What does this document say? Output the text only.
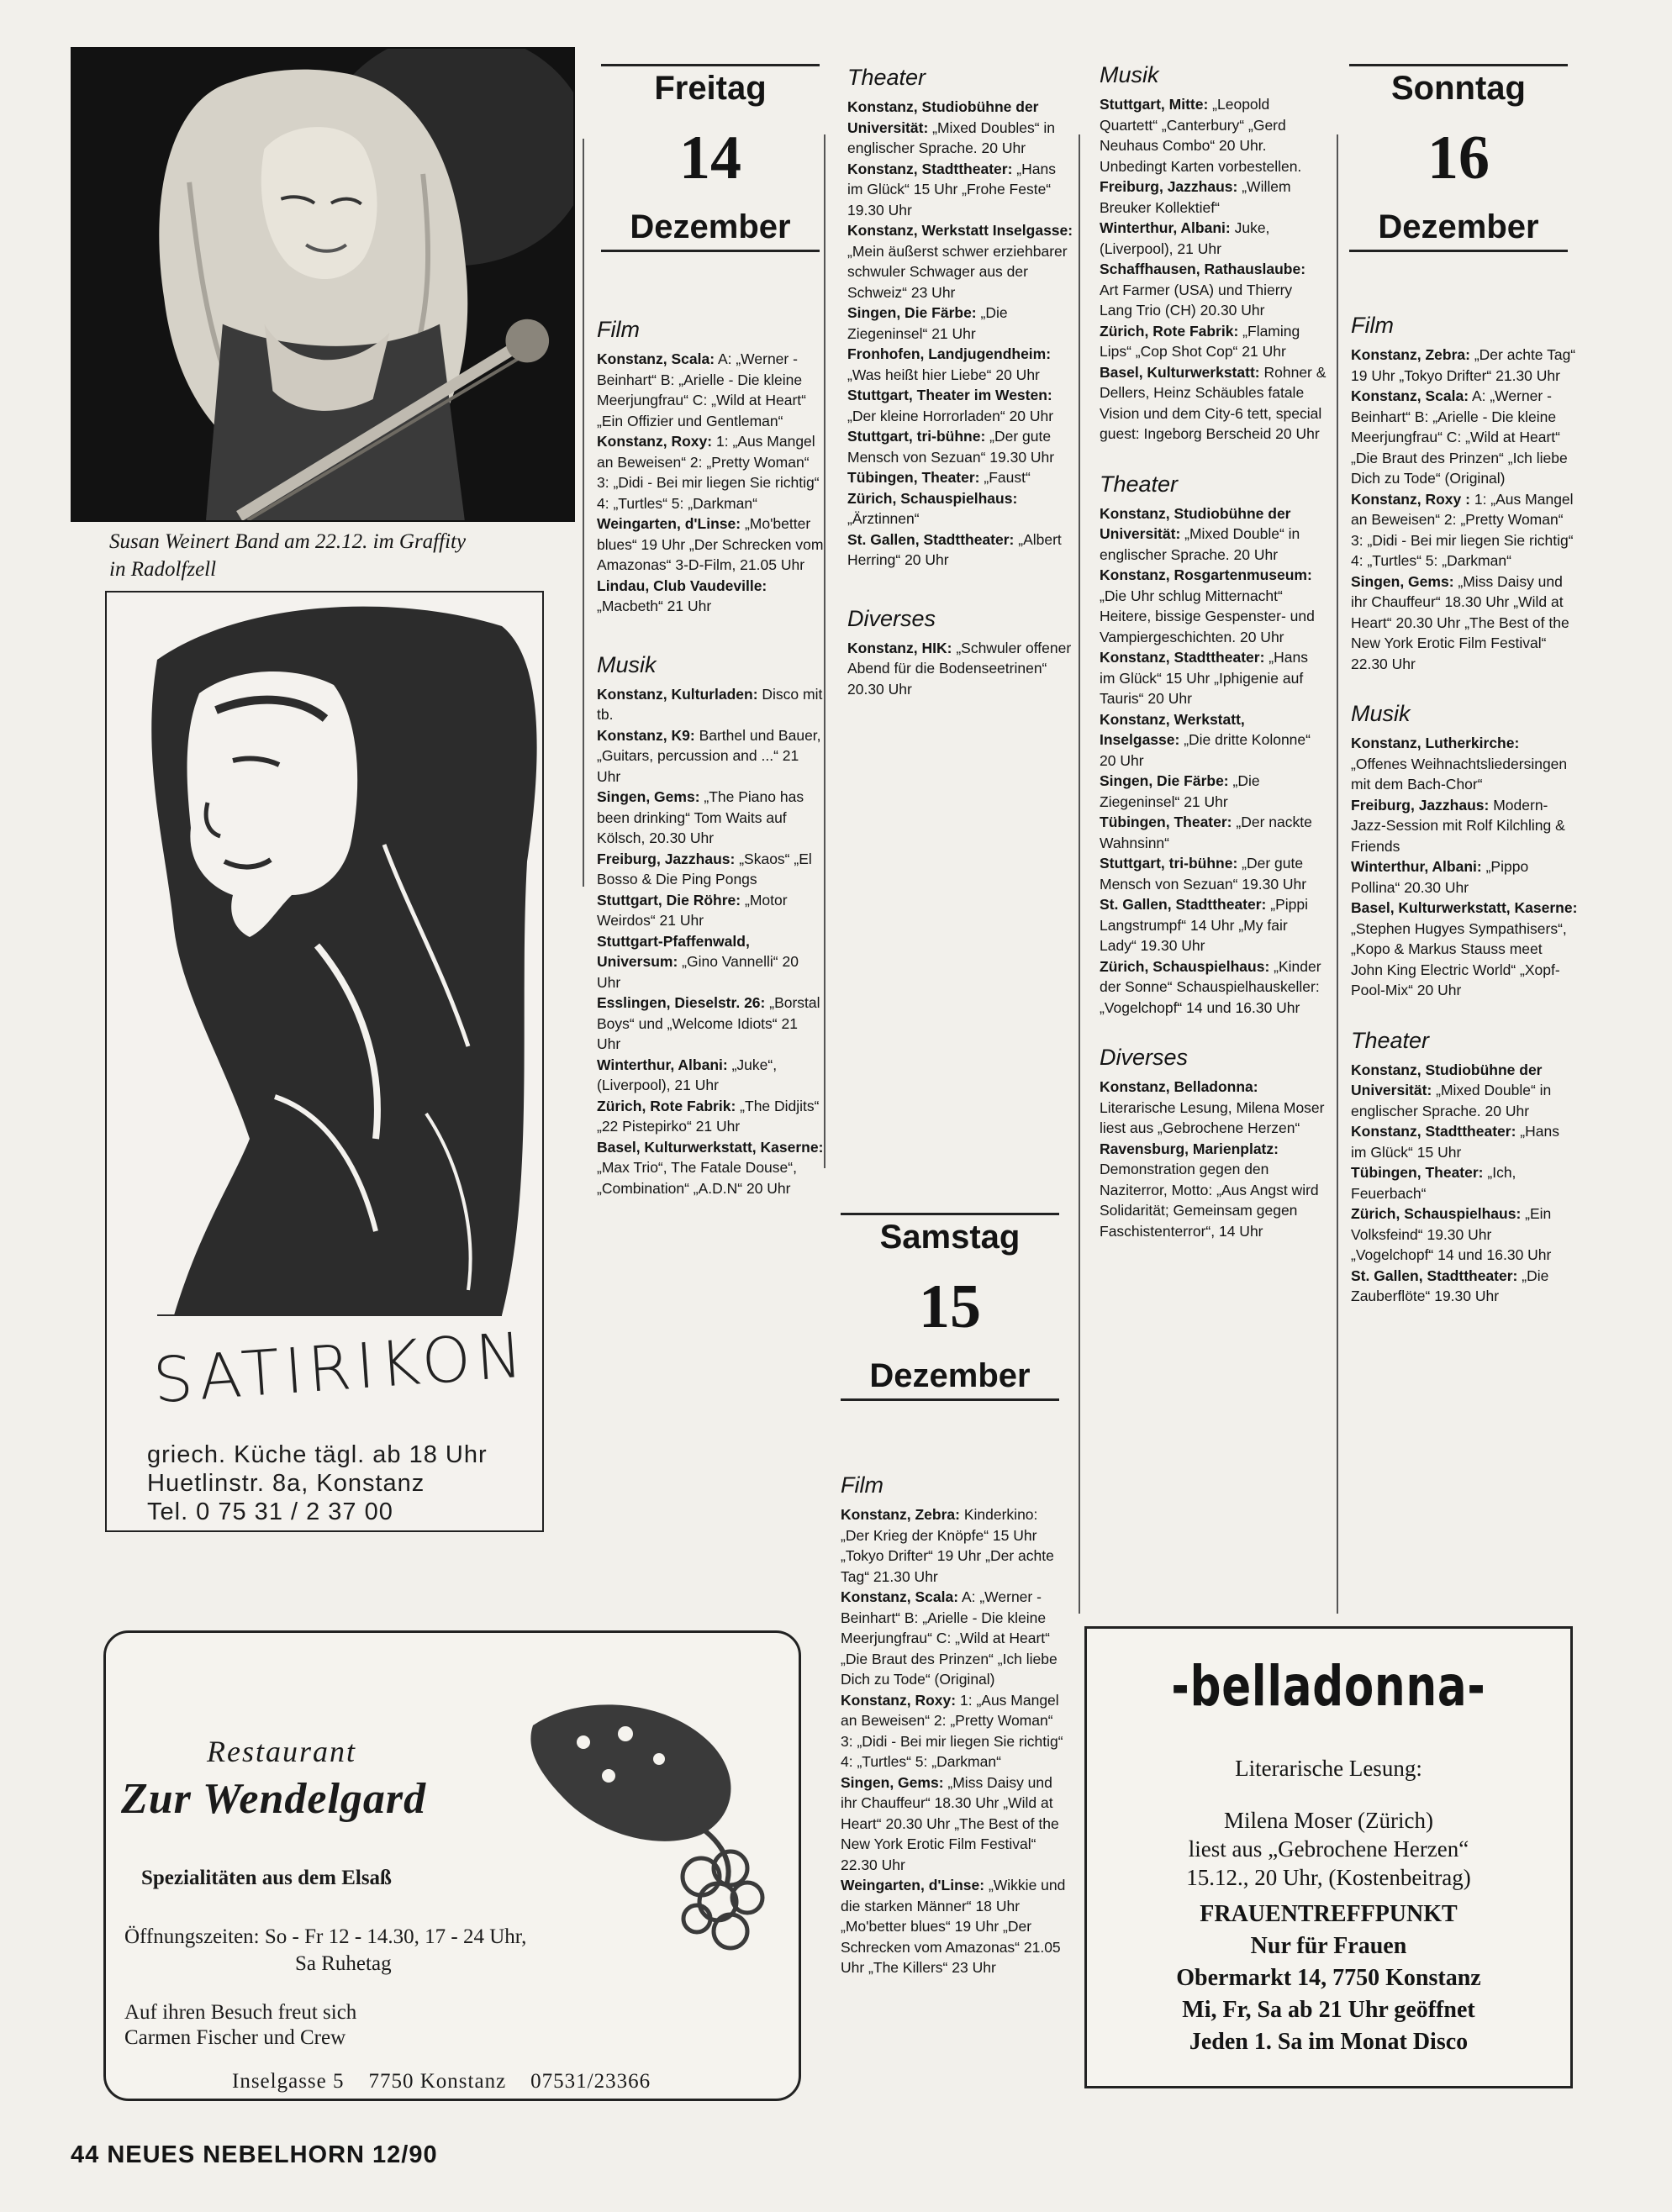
Susan Weinert Band am 22.12. im Graffity
in Radolfzell
SATIRIKON
griech. Küche tägl. ab 18 Uhr
Huetlinstr. 8a, Konstanz
Tel. 0 75 31 / 2 37 00
Restaurant
Zur Wendelgard
Spezialitäten aus dem Elsaß
Öffnungszeiten: So - Fr 12 - 14.30, 17 - 24 Uhr,
Sa Ruhetag
Auf ihren Besuch freut sich
Carmen Fischer und Crew
Inselgasse 5    7750 Konstanz    07531/23366
44 NEUES NEBELHORN 12/90
Freitag
14
Dezember
Sonntag
16
Dezember
Samstag
15
Dezember
Film

Konstanz, Scala: A: „Werner - Beinhart“ B: „Arielle - Die kleine Meerjungfrau“ C: „Wild at Heart“ „Ein Offizier und Gentleman“

Konstanz, Roxy: 1: „Aus Mangel an Beweisen“ 2: „Pretty Woman“ 3: „Didi - Bei mir liegen Sie richtig“ 4: „Turtles“ 5: „Darkman“

Weingarten, d'Linse: „Mo'better blues“ 19 Uhr „Der Schrecken vom Amazonas“ 3-D-Film, 21.05 Uhr

Lindau, Club Vaudeville: „Macbeth“ 21 Uhr

Musik

Konstanz, Kulturladen: Disco mit tb.

Konstanz, K9: Barthel und Bauer, „Guitars, percussion and ...“ 21 Uhr

Singen, Gems: „The Piano has been drinking“ Tom Waits auf Kölsch, 20.30 Uhr

Freiburg, Jazzhaus: „Skaos“ „El Bosso & Die Ping Pongs

Stuttgart, Die Röhre: „Motor Weirdos“ 21 Uhr

Stuttgart-Pfaffenwald, Universum: „Gino Vannelli“ 20 Uhr

Esslingen, Dieselstr. 26: „Borstal Boys“ und „Welcome Idiots“ 21 Uhr

Winterthur, Albani: „Juke“, (Liverpool), 21 Uhr

Zürich, Rote Fabrik: „The Didjits“ „22 Pistepirko“ 21 Uhr

Basel, Kulturwerkstatt, Kaserne: „Max Trio“, The Fatale Douse“, „Combination“ „A.D.N“ 20 Uhr

Theater

Konstanz, Studiobühne der Universität: „Mixed Doubles“ in englischer Sprache. 20 Uhr

Konstanz, Stadttheater: „Hans im Glück“ 15 Uhr „Frohe Feste“ 19.30 Uhr

Konstanz, Werkstatt Inselgasse: „Mein äußerst schwer erziehbarer schwuler Schwager aus der Schweiz“ 23 Uhr

Singen, Die Färbe: „Die Ziegeninsel“ 21 Uhr

Fronhofen, Landjugendheim: „Was heißt hier Liebe“ 20 Uhr

Stuttgart, Theater im Westen: „Der kleine Horrorladen“ 20 Uhr

Stuttgart, tri-bühne: „Der gute Mensch von Sezuan“ 19.30 Uhr

Tübingen, Theater: „Faust“

Zürich, Schauspielhaus: „Ärztinnen“

St. Gallen, Stadttheater: „Albert Herring“ 20 Uhr

Diverses

Konstanz, HIK: „Schwuler offener Abend für die Bodenseetrinen“ 20.30 Uhr

Film

Konstanz, Zebra: Kinderkino: „Der Krieg der Knöpfe“ 15 Uhr „Tokyo Drifter“ 19 Uhr „Der achte Tag“ 21.30 Uhr

Konstanz, Scala: A: „Werner - Beinhart“ B: „Arielle - Die kleine Meerjungfrau“ C: „Wild at Heart“ „Die Braut des Prinzen“ „Ich liebe Dich zu Tode“ (Original)

Konstanz, Roxy: 1: „Aus Mangel an Beweisen“ 2: „Pretty Woman“ 3: „Didi - Bei mir liegen Sie richtig“ 4: „Turtles“ 5: „Darkman“

Singen, Gems: „Miss Daisy und ihr Chauffeur“ 18.30 Uhr „Wild at Heart“ 20.30 Uhr „The Best of the New York Erotic Film Festival“ 22.30 Uhr

Weingarten, d'Linse: „Wikkie und die starken Männer“ 18 Uhr „Mo'better blues“ 19 Uhr „Der Schrecken vom Amazonas“ 21.05 Uhr „The Killers“ 23 Uhr

Musik

Stuttgart, Mitte: „Leopold Quartett“ „Canterbury“ „Gerd Neuhaus Combo“ 20 Uhr. Unbedingt Karten vorbestellen.

Freiburg, Jazzhaus: „Willem Breuker Kollektief“

Winterthur, Albani: Juke, (Liverpool), 21 Uhr

Schaffhausen, Rathauslaube: Art Farmer (USA) und Thierry Lang Trio (CH) 20.30 Uhr

Zürich, Rote Fabrik: „Flaming Lips“ „Cop Shot Cop“ 21 Uhr

Basel, Kulturwerkstatt: Rohner & Dellers, Heinz Schäubles fatale Vision und dem City-6 tett, special guest: Ingeborg Berscheid 20 Uhr

Theater

Konstanz, Studiobühne der Universität: „Mixed Double“ in englischer Sprache. 20 Uhr

Konstanz, Rosgartenmuseum: „Die Uhr schlug Mitternacht“ Heitere, bissige Gespenster- und Vampiergeschichten. 20 Uhr

Konstanz, Stadttheater: „Hans im Glück“ 15 Uhr „Iphigenie auf Tauris“ 20 Uhr

Konstanz, Werkstatt, Inselgasse: „Die dritte Kolonne“ 20 Uhr

Singen, Die Färbe: „Die Ziegeninsel“ 21 Uhr

Tübingen, Theater: „Der nackte Wahnsinn“

Stuttgart, tri-bühne: „Der gute Mensch von Sezuan“ 19.30 Uhr

St. Gallen, Stadttheater: „Pippi Langstrumpf“ 14 Uhr „My fair Lady“ 19.30 Uhr

Zürich, Schauspielhaus: „Kinder der Sonne“ Schauspielhauskeller: „Vogelchopf“ 14 und 16.30 Uhr

Diverses

Konstanz, Belladonna: Literarische Lesung, Milena Moser liest aus „Gebrochene Herzen“

Ravensburg, Marienplatz: Demonstration gegen den Naziterror, Motto: „Aus Angst wird Solidarität; Gemeinsam gegen Faschistenterror“, 14 Uhr

Film

Konstanz, Zebra: „Der achte Tag“ 19 Uhr „Tokyo Drifter“ 21.30 Uhr

Konstanz, Scala: A: „Werner - Beinhart“ B: „Arielle - Die kleine Meerjungfrau“ C: „Wild at Heart“ „Die Braut des Prinzen“ „Ich liebe Dich zu Tode“ (Original)

Konstanz, Roxy : 1: „Aus Mangel an Beweisen“ 2: „Pretty Woman“ 3: „Didi - Bei mir liegen Sie richtig“ 4: „Turtles“ 5: „Darkman“

Singen, Gems: „Miss Daisy und ihr Chauffeur“ 18.30 Uhr „Wild at Heart“ 20.30 Uhr „The Best of the New York Erotic Film Festival“ 22.30 Uhr

Musik

Konstanz, Lutherkirche: „Offenes Weihnachtsliedersingen mit dem Bach-Chor“

Freiburg, Jazzhaus: Modern-Jazz-Session mit Rolf Kilchling & Friends

Winterthur, Albani: „Pippo Pollina“ 20.30 Uhr

Basel, Kulturwerkstatt, Kaserne: „Stephen Hugyes Sympathisers“, „Kopo & Markus Stauss meet John King Electric World“ „Xopf-Pool-Mix“ 20 Uhr

Theater

Konstanz, Studiobühne der Universität: „Mixed Double“ in englischer Sprache. 20 Uhr

Konstanz, Stadttheater: „Hans im Glück“ 15 Uhr

Tübingen, Theater: „Ich, Feuerbach“

Zürich, Schauspielhaus: „Ein Volksfeind“ 19.30 Uhr „Vogelchopf“ 14 und 16.30 Uhr

St. Gallen, Stadttheater: „Die Zauberflöte“ 19.30 Uhr

-belladonna-
Literarische Lesung:
Milena Moser (Zürich)
liest aus „Gebrochene Herzen“
15.12., 20 Uhr, (Kostenbeitrag)
FRAUENTREFFPUNKT
Nur für Frauen
Obermarkt 14, 7750 Konstanz
Mi, Fr, Sa ab 21 Uhr geöffnet
Jeden 1. Sa im Monat Disco
